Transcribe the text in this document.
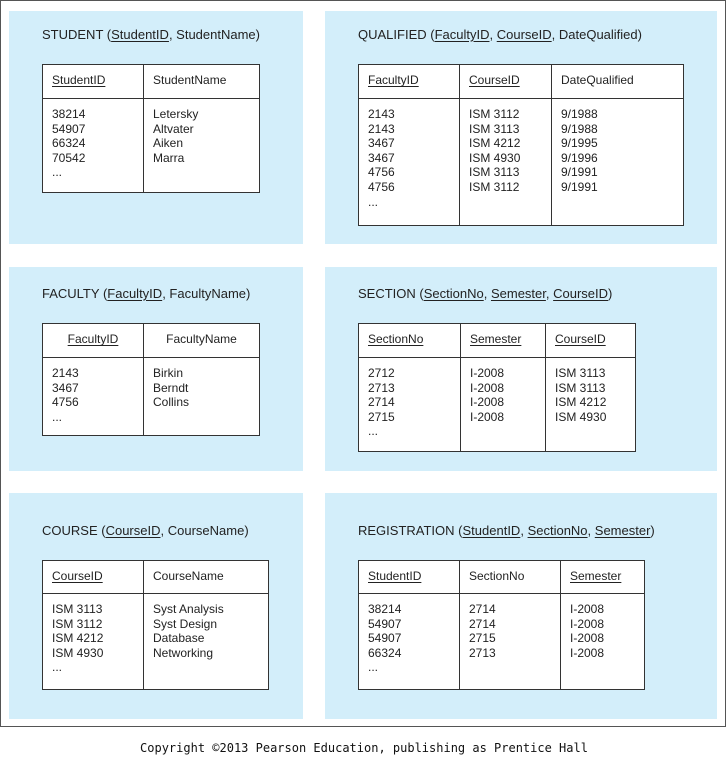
STUDENT (StudentID, StudentName)
StudentID
38214
54907
66324
70542
...
StudentName
Letersky
Altvater
Aiken
Marra
QUALIFIED (FacultyID, CourseID, DateQualified)
FacultyID
2143
2143
3467
3467
4756
4756
...
CourseID
ISM 3112
ISM 3113
ISM 4212
ISM 4930
ISM 3113
ISM 3112
DateQualified
9/1988
9/1988
9/1995
9/1996
9/1991
9/1991
FACULTY (FacultyID, FacultyName)
FacultyID
2143
3467
4756
...
FacultyName
Birkin
Berndt
Collins
SECTION (SectionNo, Semester, CourseID)
SectionNo
2712
2713
2714
2715
...
Semester
I-2008
I-2008
I-2008
I-2008
CourseID
ISM 3113
ISM 3113
ISM 4212
ISM 4930
COURSE (CourseID, CourseName)
CourseID
ISM 3113
ISM 3112
ISM 4212
ISM 4930
...
CourseName
Syst Analysis
Syst Design
Database
Networking
REGISTRATION (StudentID, SectionNo, Semester)
StudentID
38214
54907
54907
66324
...
SectionNo
2714
2714
2715
2713
Semester
I-2008
I-2008
I-2008
I-2008
Copyright ©2013 Pearson Education, publishing as Prentice Hall
